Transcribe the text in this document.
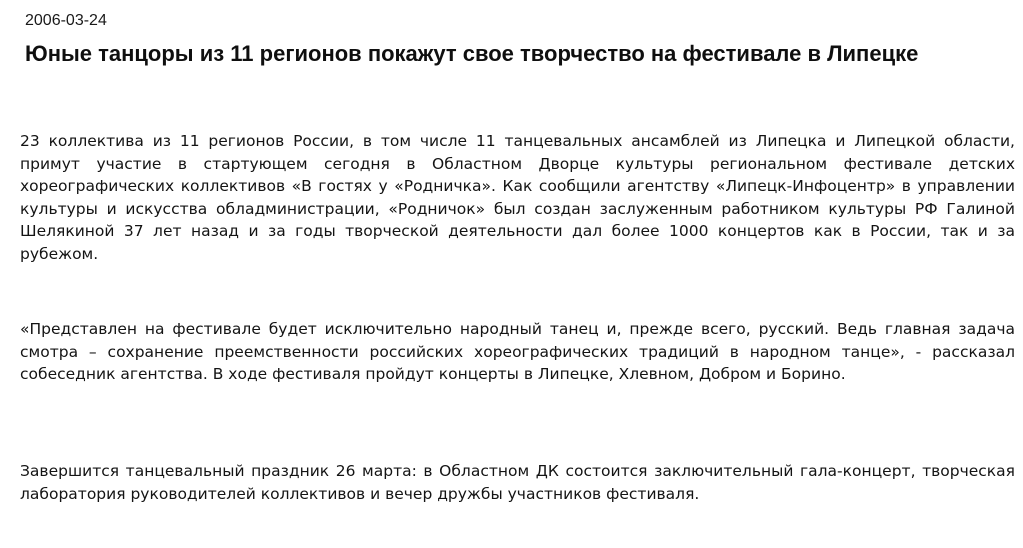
2006-03-24
Юные танцоры из 11 регионов покажут свое творчество на фестивале в Липецке

23 коллектива из 11 регионов России, в том числе 11 танцевальных ансамблей из Липецка и Липецкой области, примут участие в стартующем сегодня в Областном Дворце культуры региональном фестивале детских хореографических коллективов «В гостях у «Родничка». Как сообщили агентству «Липецк-Инфоцентр» в управлении культуры и искусства обладминистрации, «Родничок» был создан заслуженным работником культуры РФ Галиной Шелякиной 37 лет назад и за годы творческой деятельности дал более 1000 концертов как в России, так и за рубежом.

«Представлен на фестивале будет исключительно народный танец и, прежде всего, русский. Ведь главная задача смотра – сохранение преемственности российских хореографических традиций в народном танце», - рассказал собеседник агентства. В ходе фестиваля пройдут концерты в Липецке, Хлевном, Добром и Борино.

Завершится танцевальный праздник 26 марта: в Областном ДК состоится заключительный гала-концерт, творческая лаборатория руководителей коллективов и вечер дружбы участников фестиваля.
